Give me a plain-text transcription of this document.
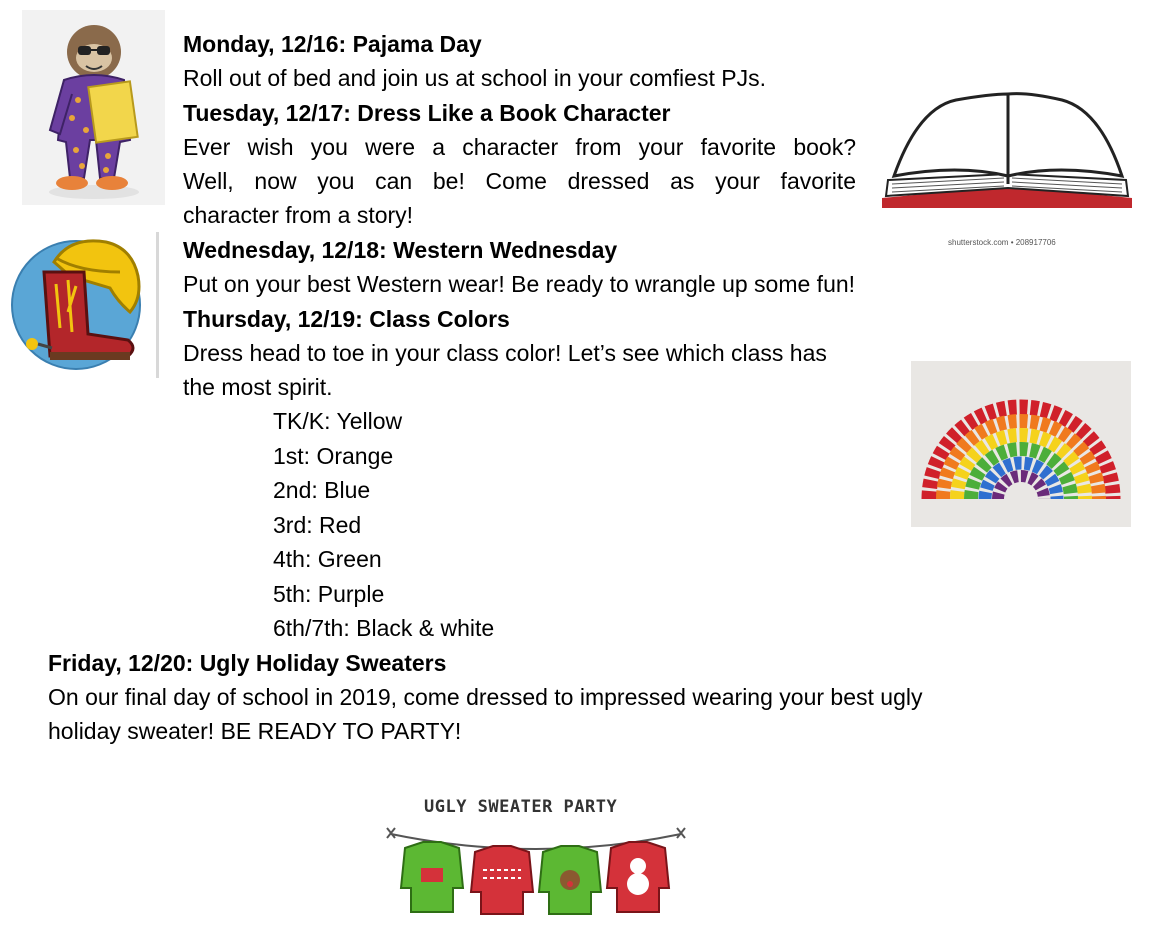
Monday, 12/16: Pajama Day
Roll out of bed and join us at school in your comfiest PJs.
Tuesday, 12/17: Dress Like a Book Character
Ever wish you were a character from your favorite book?
Well, now you can be! Come dressed as your favorite
character from a story!
Wednesday, 12/18: Western Wednesday
Put on your best Western wear! Be ready to wrangle up some fun!
Thursday, 12/19: Class Colors
Dress head to toe in your class color! Let’s see which class has
the most spirit.
TK/K: Yellow
1st: Orange
2nd: Blue
3rd: Red
4th: Green
5th: Purple
6th/7th: Black & white
Friday, 12/20: Ugly Holiday Sweaters
On our final day of school in 2019, come dressed to impressed wearing your best ugly
holiday sweater! BE READY TO PARTY!
shutterstock.com • 208917706
UGLY SWEATER PARTY
